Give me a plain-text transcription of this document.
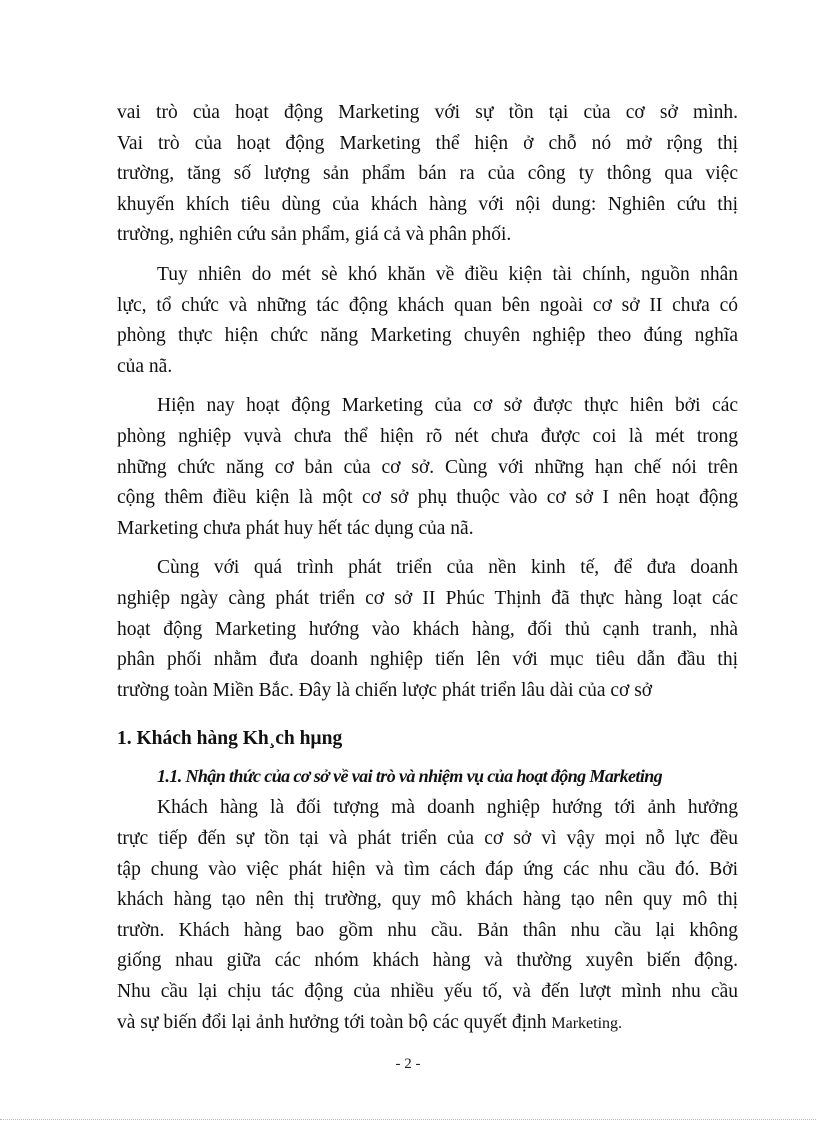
vai trò của hoạt động Marketing với sự tồn tại của cơ sở mình.
Vai trò của hoạt động Marketing thể hiện ở chỗ nó mở rộng thị
trường, tăng số lượng sản phẩm bán ra của công ty thông qua việc
khuyến khích tiêu dùng của khách hàng với nội dung: Nghiên cứu thị
trường, nghiên cứu sản phẩm, giá cả và phân phối.

Tuy nhiên do mét sè khó khăn về điều kiện tài chính, nguồn nhân
lực, tổ chức và những tác động khách quan bên ngoài cơ sở II chưa có
phòng thực hiện chức năng Marketing chuyên nghiệp theo đúng nghĩa
của nã.

Hiện nay hoạt động Marketing của cơ sở được thực hiên bởi các
phòng nghiệp vụvà chưa thể hiện rõ nét chưa được coi là mét trong
những chức năng cơ bản của cơ sở. Cùng với những hạn chế nói trên
cộng thêm điều kiện là một cơ sở phụ thuộc vào cơ sở I nên hoạt động
Marketing chưa phát huy hết tác dụng của nã.

Cùng với quá trình phát triển của nền kinh tế, để đưa doanh
nghiệp ngày càng phát triển cơ sở II Phúc Thịnh đã thực hàng loạt các
hoạt động Marketing hướng vào khách hàng, đối thủ cạnh tranh, nhà
phân phối nhằm đưa doanh nghiệp tiến lên với mục tiêu dẫn đầu thị
trường toàn Miền Bắc. Đây là chiến lược phát triển lâu dài của cơ sở

1. Khách hàng Kh¸ch hµng
1.1. Nhận thức của cơ sở về vai trò và nhiệm vụ của hoạt động Marketing

Khách hàng là đối tượng mà doanh nghiệp hướng tới ảnh hưởng
trực tiếp đến sự tồn tại và phát triển của cơ sở vì vậy mọi nỗ lực đều
tập chung vào việc phát hiện và tìm cách đáp ứng các nhu cầu đó. Bởi
khách hàng tạo nên thị trường, quy mô khách hàng tạo nên quy mô thị
trườn. Khách hàng bao gồm nhu cầu. Bản thân nhu cầu lại không
giống nhau giữa các nhóm khách hàng và thường xuyên biến động.
Nhu cầu lại chịu tác động của nhiều yếu tố, và đến lượt mình nhu cầu
và sự biến đổi lại ảnh hưởng tới toàn bộ các quyết định Marketing.

- 2 -
